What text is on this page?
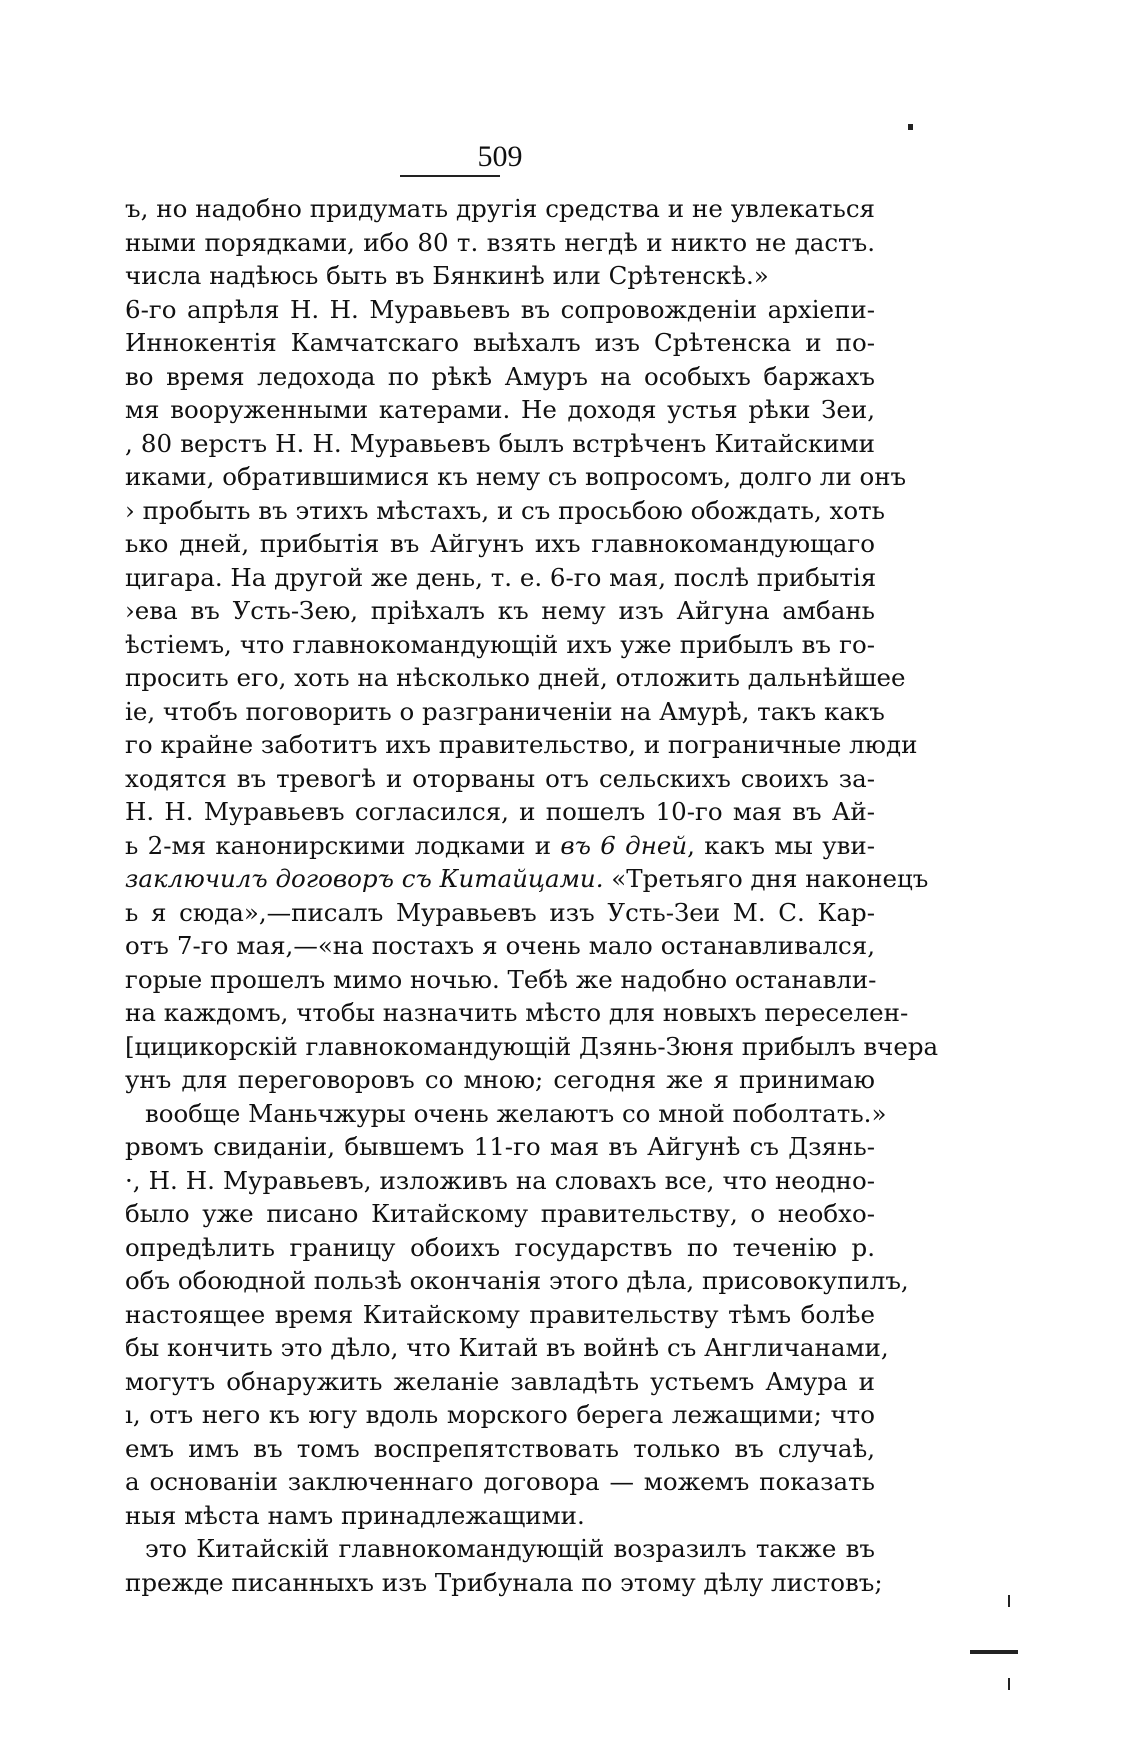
509
ъ, но надобно придумать другія средства и не увлекаться
ными порядками, ибо 80 т. взять негдѣ и никто не дастъ.
числа надѣюсь быть въ Бянкинѣ или Срѣтенскѣ.»
6-го апрѣля Н. Н. Муравьевъ въ сопровожденіи архіепи-
Иннокентія Камчатскаго выѣхалъ изъ Срѣтенска и по-
во время ледохода по рѣкѣ Амуръ на особыхъ баржахъ
мя вооруженными катерами. Не доходя устья рѣки Зеи,
, 80 верстъ Н. Н. Муравьевъ былъ встрѣченъ Китайскими
иками, обратившимися къ нему съ вопросомъ, долго ли онъ
› пробыть въ этихъ мѣстахъ, и съ просьбою обождать, хоть
ько дней, прибытія въ Айгунъ ихъ главнокомандующаго
цигара. На другой же день, т. е. 6-го мая, послѣ прибытія
›ева въ Усть-Зею, пріѣхалъ къ нему изъ Айгуна амбань
ѣстіемъ, что главнокомандующій ихъ уже прибылъ въ го-
просить его, хоть на нѣсколько дней, отложить дальнѣйшее
іе, чтобъ поговорить о разграниченіи на Амурѣ, такъ какъ
го крайне заботитъ ихъ правительство, и пограничные люди
ходятся въ тревогѣ и оторваны отъ сельскихъ своихъ за-
Н. Н. Муравьевъ согласился, и пошелъ 10-го мая въ Ай-
ь 2-мя канонирскими лодками и въ 6 дней, какъ мы уви-
заключилъ договоръ съ Китайцами. «Третьяго дня наконецъ
ь я сюда»,—писалъ Муравьевъ изъ Усть-Зеи М. С. Кар-
отъ 7-го мая,—«на постахъ я очень мало останавливался,
горые прошелъ мимо ночью. Тебѣ же надобно останавли-
на каждомъ, чтобы назначить мѣсто для новыхъ переселен-
[цицикорскій главнокомандующій Дзянь-Зюня прибылъ вчера
унъ для переговоровъ со мною; сегодня же я принимаю
вообще Маньчжуры очень желаютъ со мной поболтать.»
рвомъ свиданіи, бывшемъ 11-го мая въ Айгунѣ съ Дзянь-
·, Н. Н. Муравьевъ, изложивъ на словахъ все, что неодно-
было уже писано Китайскому правительству, о необхо-
опредѣлить границу обоихъ государствъ по теченію р.
объ обоюдной пользѣ окончанія этого дѣла, присовокупилъ,
настоящее время Китайскому правительству тѣмъ болѣе
бы кончить это дѣло, что Китай въ войнѣ съ Англичанами,
могутъ обнаружить желаніе завладѣть устьемъ Амура и
ı, отъ него къ югу вдоль морского берега лежащими; что
емъ имъ въ томъ воспрепятствовать только въ случаѣ,
а основаніи заключеннаго договора — можемъ показать
ныя мѣста намъ принадлежащими.
это Китайскій главнокомандующій возразилъ также въ
прежде писанныхъ изъ Трибунала по этому дѣлу листовъ;
